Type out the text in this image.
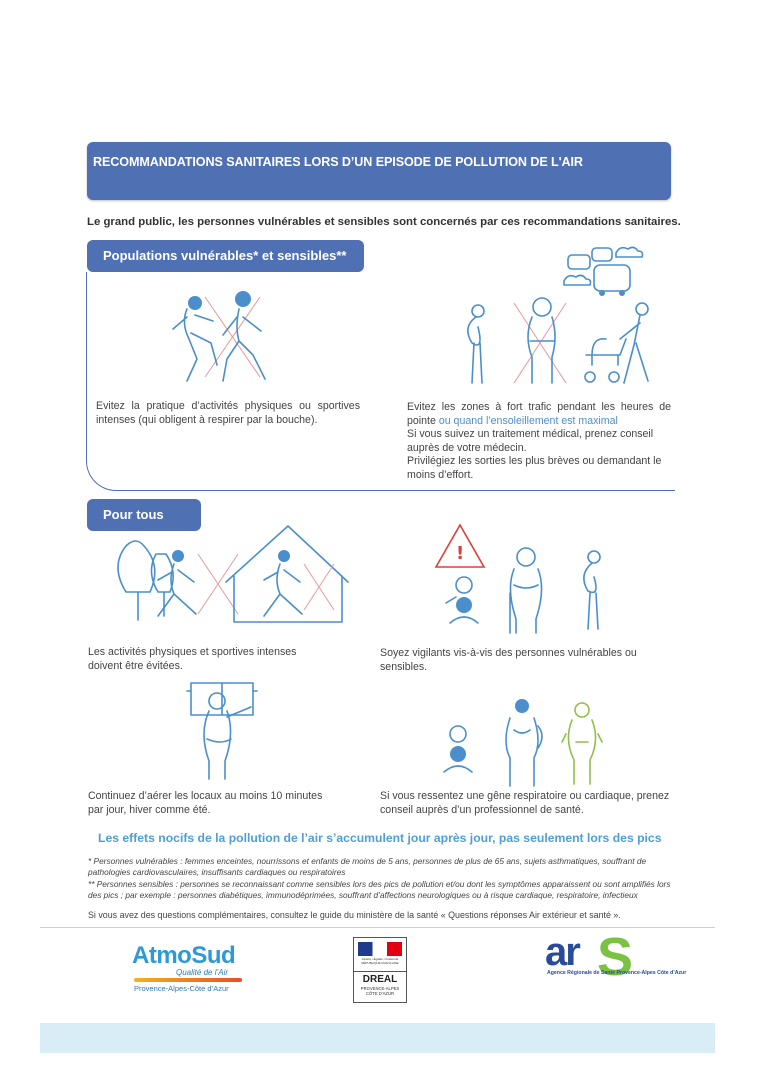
RECOMMANDATIONS SANITAIRES LORS D’UN EPISODE DE POLLUTION DE L'AIR
Le grand public, les personnes vulnérables et sensibles sont concernés par ces recommandations sanitaires.
Populations vulnérables* et sensibles**
Evitez la pratique d’activités physiques ou sportives intenses (qui obligent à respirer par la bouche).
Evitez les zones à fort trafic pendant les heures de
pointe ou quand l’ensoleillement est maximal
Si vous suivez un traitement médical, prenez conseil auprès de votre médecin.
Privilégiez les sorties les plus brèves ou demandant le moins d’effort.
Pour tous
!
Les activités physiques et sportives intenses doivent être évitées.
Soyez vigilants vis-à-vis des personnes vulnérables ou sensibles.
Continuez d’aérer les locaux au moins 10 minutes par jour, hiver comme été.
Si vous ressentez une gêne respiratoire ou cardiaque, prenez conseil auprès d’un professionnel de santé.
Les effets nocifs de la pollution de l’air s’accumulent jour après jour, pas seulement lors des pics
* Personnes vulnérables : femmes enceintes, nourrissons et enfants de moins de 5 ans, personnes de plus de 65 ans, sujets asthmatiques, souffrant de pathologies cardiovasculaires, insuffisants cardiaques ou respiratoires
** Personnes sensibles : personnes se reconnaissant comme sensibles lors des pics de pollution et/ou dont les symptômes apparaissent ou sont amplifiés lors des pics ; par exemple : personnes diabétiques, immunodéprimées, souffrant d’affections neurologiques ou à risque cardiaque, respiratoire, infectieux
Si vous avez des questions complémentaires, consultez le guide du ministère de la santé « Questions réponses Air extérieur et santé ».
AtmoSud
Qualité de l’Air
Provence-Alpes-Côte d’Azur
Liberté • Égalité • Fraternité RÉPUBLIQUE FRANÇAISE
DREAL
PROVENCE-ALPES CÔTE D'AZUR
ar S
Agence Régionale de Santé Provence-Alpes Côte d’Azur
